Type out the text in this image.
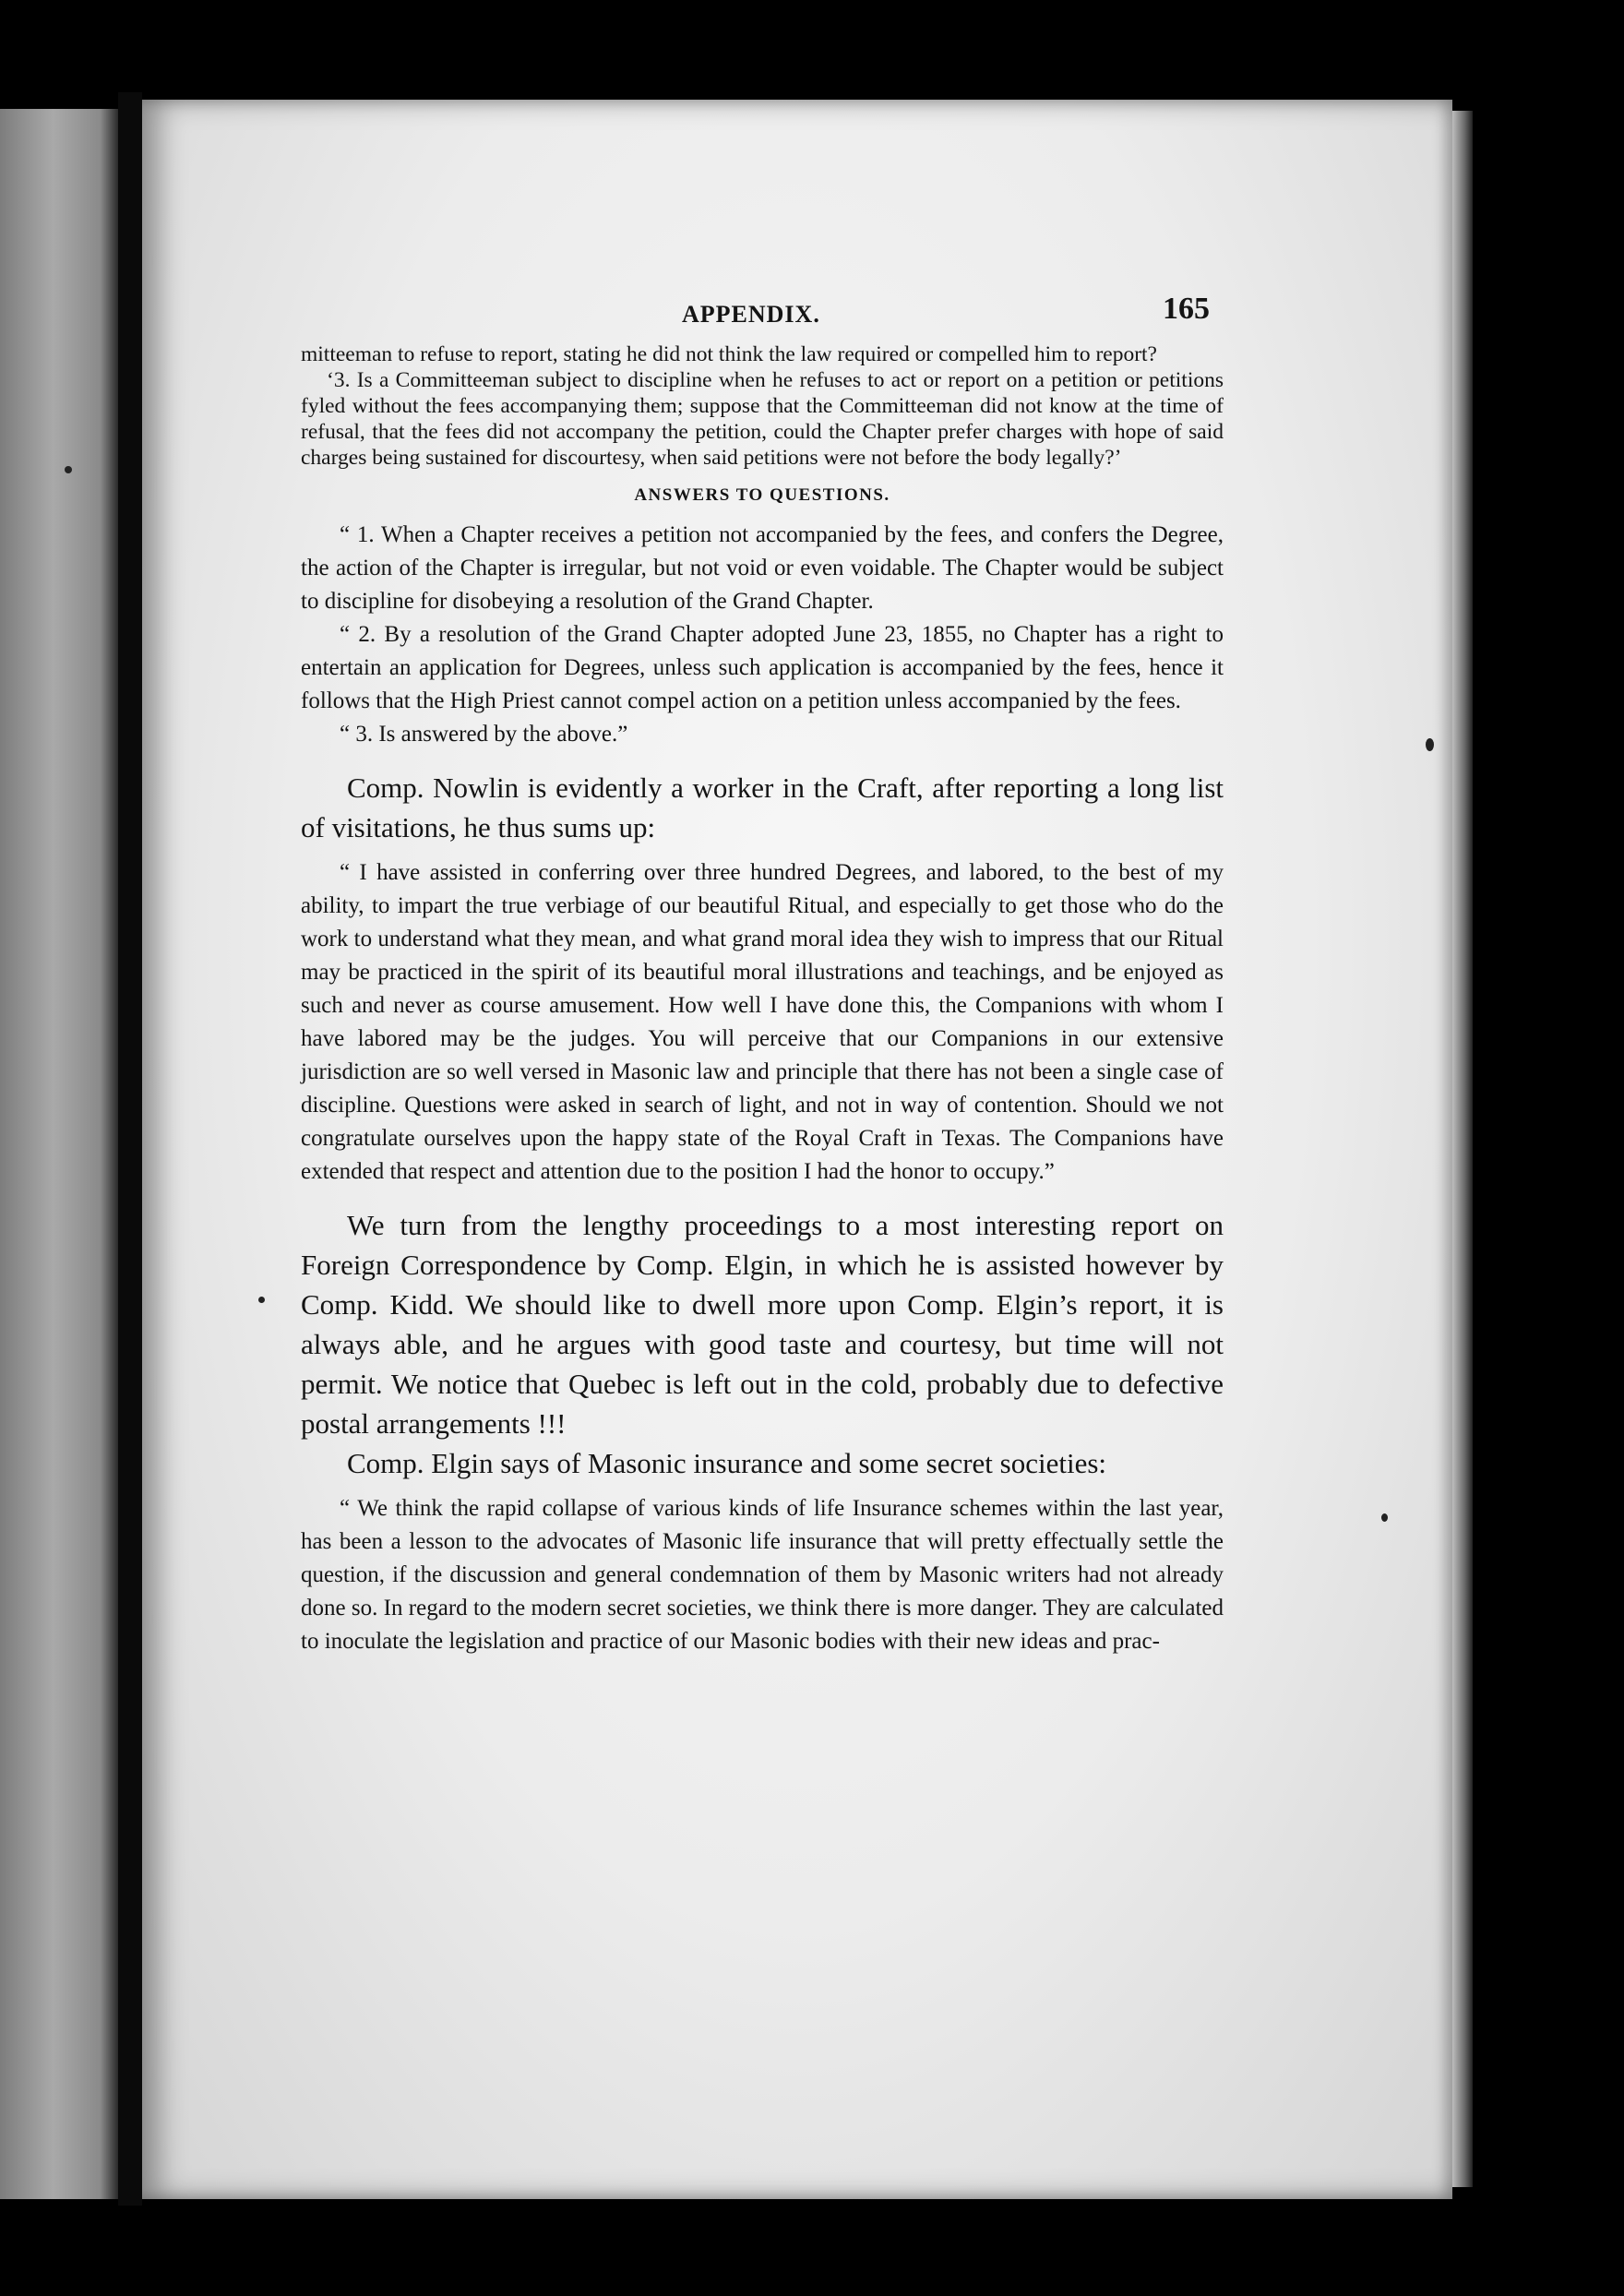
APPENDIX.	165

mitteeman to refuse to report, stating he did not think the law required or compelled him to report?

‘3. Is a Committeeman subject to discipline when he refuses to act or report on a petition or petitions fyled without the fees accompanying them; suppose that the Committeeman did not know at the time of refusal, that the fees did not accompany the petition, could the Chapter prefer charges with hope of said charges being sustained for discourtesy, when said petitions were not before the body legally?’

ANSWERS TO QUESTIONS.

“ 1. When a Chapter receives a petition not accompanied by the fees, and confers the Degree, the action of the Chapter is irregular, but not void or even voidable. The Chapter would be subject to discipline for disobeying a resolution of the Grand Chapter.

“ 2. By a resolution of the Grand Chapter adopted June 23, 1855, no Chapter has a right to entertain an application for Degrees, unless such application is accompanied by the fees, hence it follows that the High Priest cannot compel action on a petition unless accompanied by the fees.

“ 3. Is answered by the above.”

Comp. Nowlin is evidently a worker in the Craft, after reporting a long list of visitations, he thus sums up:

“ I have assisted in conferring over three hundred Degrees, and labored, to the best of my ability, to impart the true verbiage of our beautiful Ritual, and especially to get those who do the work to understand what they mean, and what grand moral idea they wish to impress that our Ritual may be practiced in the spirit of its beautiful moral illustrations and teachings, and be enjoyed as such and never as course amusement. How well I have done this, the Companions with whom I have labored may be the judges. You will perceive that our Companions in our extensive jurisdiction are so well versed in Masonic law and principle that there has not been a single case of discipline. Questions were asked in search of light, and not in way of contention. Should we not congratulate ourselves upon the happy state of the Royal Craft in Texas. The Companions have extended that respect and attention due to the position I had the honor to occupy.”

We turn from the lengthy proceedings to a most interesting report on Foreign Correspondence by Comp. Elgin, in which he is assisted however by Comp. Kidd. We should like to dwell more upon Comp. Elgin’s report, it is always able, and he argues with good taste and courtesy, but time will not permit. We notice that Quebec is left out in the cold, probably due to defective postal arrangements !!!

Comp. Elgin says of Masonic insurance and some secret societies:

“ We think the rapid collapse of various kinds of life Insurance schemes within the last year, has been a lesson to the advocates of Masonic life insurance that will pretty effectually settle the question, if the discussion and general condemnation of them by Masonic writers had not already done so. In regard to the modern secret societies, we think there is more danger. They are calculated to inoculate the legislation and practice of our Masonic bodies with their new ideas and prac-
